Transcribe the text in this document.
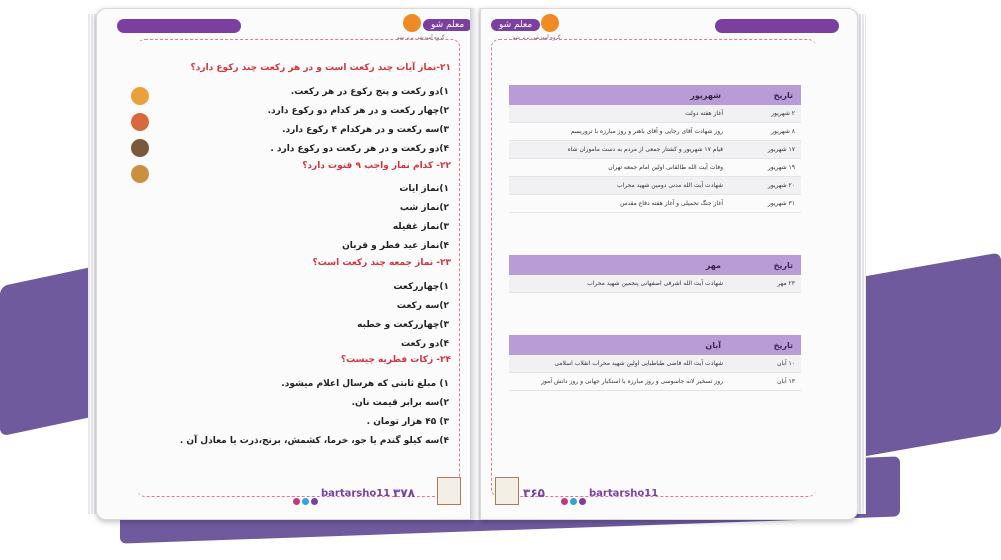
معلم شو
گروه آموزشی برتر شو
۲۱-نماز آیات چند رکعت است و در هر رکعت چند رکوع دارد؟
۱)دو رکعت و پنج رکوع در هر رکعت.
۲)چهار رکعت و در هر کدام دو رکوع دارد.
۳)سه رکعت و در هرکدام ۴ رکوع دارد.
۴)دو رکعت و در هر رکعت دو رکوع دارد .
۲۲- کدام نماز واجب ۹ قنوت دارد؟
۱)نماز ایات
۲)نماز شب
۳)نماز غفیله
۴)نماز عید فطر و قربان
۲۳- نماز جمعه چند رکعت است؟
۱)چهاررکعت
۲)سه رکعت
۳)چهاررکعت و خطبه
۴)دو رکعت
۲۴- زکات فطریه چیست؟
۱) مبلغ ثابتی که هرسال اعلام میشود.
۲)سه برابر قیمت نان.
۳) ۴۵ هزار تومان .
۴)سه کیلو گندم یا جو، خرما، کشمش، برنج،ذرت یا معادل آن .
bartarsho11 ۳۷۸
معلم شو
گروه آموزشی برتر شو
تاریخ	شهریور
۲ شهریور	آغاز هفته دولت
۸ شهریور	روز شهادت آقای رجایی و آقای باهنر و روز مبارزه با تروریسم
۱۷ شهریور	قیام ۱۷ شهریور و کشتار جمعی از مردم به دست ماموران شاه
۱۹ شهریور	وفات آیت الله طالقانی اولین امام جمعه تهران
۲۰ شهریور	شهادت آیت الله مدنی دومین شهید محراب
۳۱ شهریور	آغاز جنگ تحمیلی و آغاز هفته دفاع مقدس
تاریخ	مهر
۲۳ مهر	شهادت آیت الله اشرفی اصفهانی پنجمین شهید محراب
تاریخ	آبان
۱۰ آبان	شهادت آیت الله قاضی طباطبایی اولین شهید محراب انقلاب اسلامی
۱۳ آبان	روز تسخیر لانه جاسوسی و روز مبارزه با استکبار جهانی و روز دانش آموز
۳۶۵	bartarsho11
